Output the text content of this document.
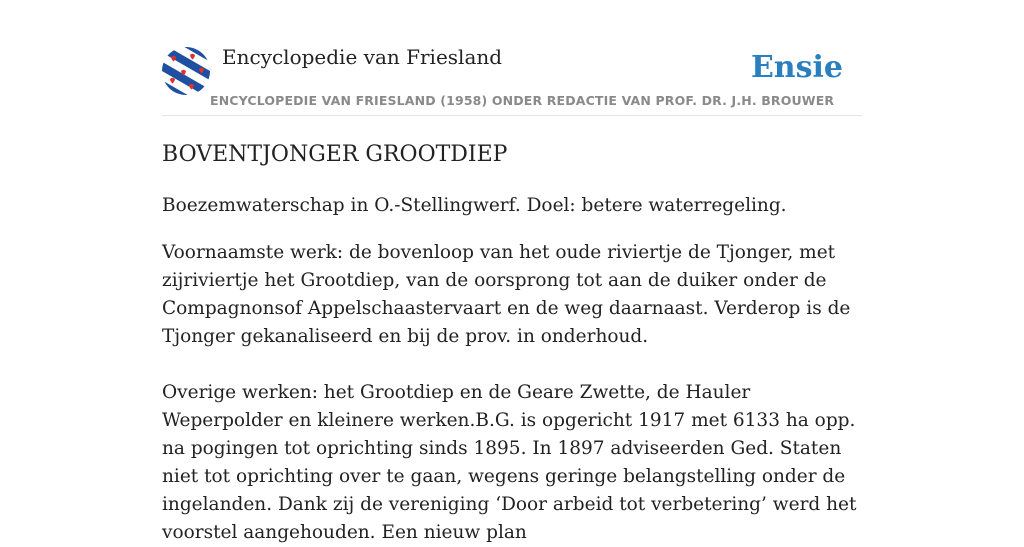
Encyclopedie van Friesland
ENCYCLOPEDIE VAN FRIESLAND (1958) ONDER REDACTIE VAN PROF. DR. J.H. BROUWER
Ensie
BOVENTJONGER GROOTDIEP

Boezemwaterschap in O.-Stellingwerf. Doel: betere waterregeling.

Voornaamste werk: de bovenloop van het oude riviertje de Tjonger, met zijriviertje het Grootdiep, van de oorsprong tot aan de duiker onder de Compagnonsof Appelschaastervaart en de weg daarnaast. Verderop is de Tjonger gekanaliseerd en bij de prov. in onderhoud.

Overige werken: het Grootdiep en de Geare Zwette, de Hauler Weperpolder en kleinere werken.B.G. is opgericht 1917 met 6133 ha opp. na pogingen tot oprichting sinds 1895. In 1897 adviseerden Ged. Staten niet tot oprichting over te gaan, wegens geringe belangstelling onder de ingelanden. Dank zij de vereniging ‘Door arbeid tot verbetering’ werd het voorstel aangehouden. Een nieuw plan
